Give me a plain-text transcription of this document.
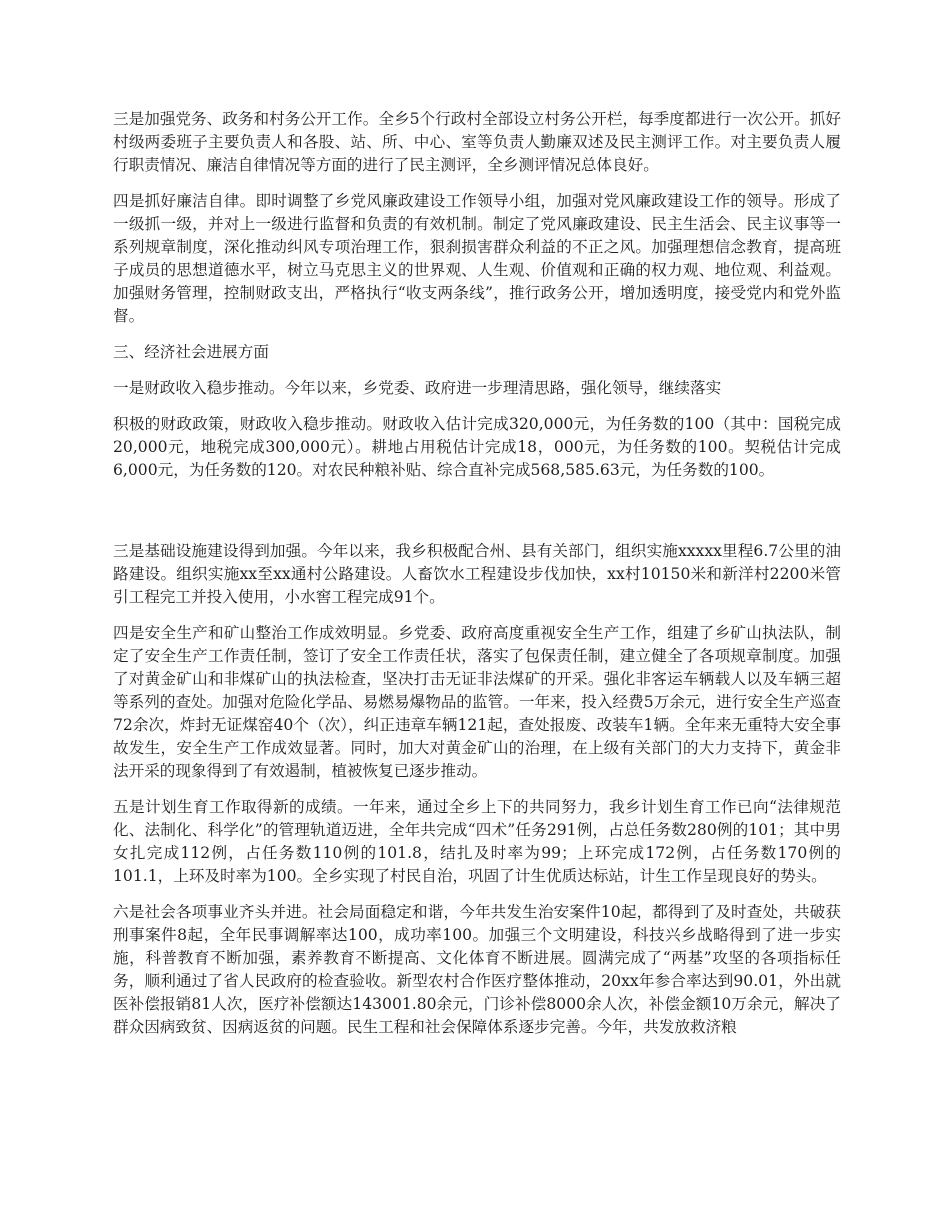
三是加强党务、政务和村务公开工作。全乡5个行政村全部设立村务公开栏，每季度都进行一次公开。抓好村级两委班子主要负责人和各股、站、所、中心、室等负责人勤廉双述及民主测评工作。对主要负责人履行职责情况、廉洁自律情况等方面的进行了民主测评，全乡测评情况总体良好。

四是抓好廉洁自律。即时调整了乡党风廉政建设工作领导小组，加强对党风廉政建设工作的领导。形成了一级抓一级，并对上一级进行监督和负责的有效机制。制定了党风廉政建设、民主生活会、民主议事等一系列规章制度，深化推动纠风专项治理工作，狠刹损害群众利益的不正之风。加强理想信念教育，提高班子成员的思想道德水平，树立马克思主义的世界观、人生观、价值观和正确的权力观、地位观、利益观。加强财务管理，控制财政支出，严格执行“收支两条线”，推行政务公开，增加透明度，接受党内和党外监督。

三、经济社会进展方面

一是财政收入稳步推动。今年以来，乡党委、政府进一步理清思路，强化领导，继续落实

积极的财政政策，财政收入稳步推动。财政收入估计完成320,000元，为任务数的100（其中：国税完成20,000元，地税完成300,000元）。耕地占用税估计完成18，000元，为任务数的100。契税估计完成6,000元，为任务数的120。对农民种粮补贴、综合直补完成568,585.63元，为任务数的100。

三是基础设施建设得到加强。今年以来，我乡积极配合州、县有关部门，组织实施xxxxx里程6.7公里的油路建设。组织实施xx至xx通村公路建设。人畜饮水工程建设步伐加快，xx村10150米和新洋村2200米管引工程完工并投入使用，小水窖工程完成91个。

四是安全生产和矿山整治工作成效明显。乡党委、政府高度重视安全生产工作，组建了乡矿山执法队，制定了安全生产工作责任制，签订了安全工作责任状，落实了包保责任制，建立健全了各项规章制度。加强了对黄金矿山和非煤矿山的执法检查，坚决打击无证非法煤矿的开采。强化非客运车辆载人以及车辆三超等系列的查处。加强对危险化学品、易燃易爆物品的监管。一年来，投入经费5万余元，进行安全生产巡查72余次，炸封无证煤窑40个（次），纠正违章车辆121起，查处报废、改装车1辆。全年来无重特大安全事故发生，安全生产工作成效显著。同时，加大对黄金矿山的治理，在上级有关部门的大力支持下，黄金非法开采的现象得到了有效遏制，植被恢复已逐步推动。

五是计划生育工作取得新的成绩。一年来，通过全乡上下的共同努力，我乡计划生育工作已向“法律规范化、法制化、科学化”的管理轨道迈进，全年共完成“四术”任务291例，占总任务数280例的101；其中男女扎完成112例，占任务数110例的101.8，结扎及时率为99；上环完成172例，占任务数170例的101.1，上环及时率为100。全乡实现了村民自治，巩固了计生优质达标站，计生工作呈现良好的势头。

六是社会各项事业齐头并进。社会局面稳定和谐，今年共发生治安案件10起，都得到了及时查处，共破获刑事案件8起，全年民事调解率达100，成功率100。加强三个文明建设，科技兴乡战略得到了进一步实施，科普教育不断加强，素养教育不断提高、文化体育不断进展。圆满完成了“两基”攻坚的各项指标任务，顺利通过了省人民政府的检查验收。新型农村合作医疗整体推动，20xx年参合率达到90.01，外出就医补偿报销81人次，医疗补偿额达143001.80余元，门诊补偿8000余人次，补偿金额10万余元，解决了群众因病致贫、因病返贫的问题。民生工程和社会保障体系逐步完善。今年，共发放救济粮
